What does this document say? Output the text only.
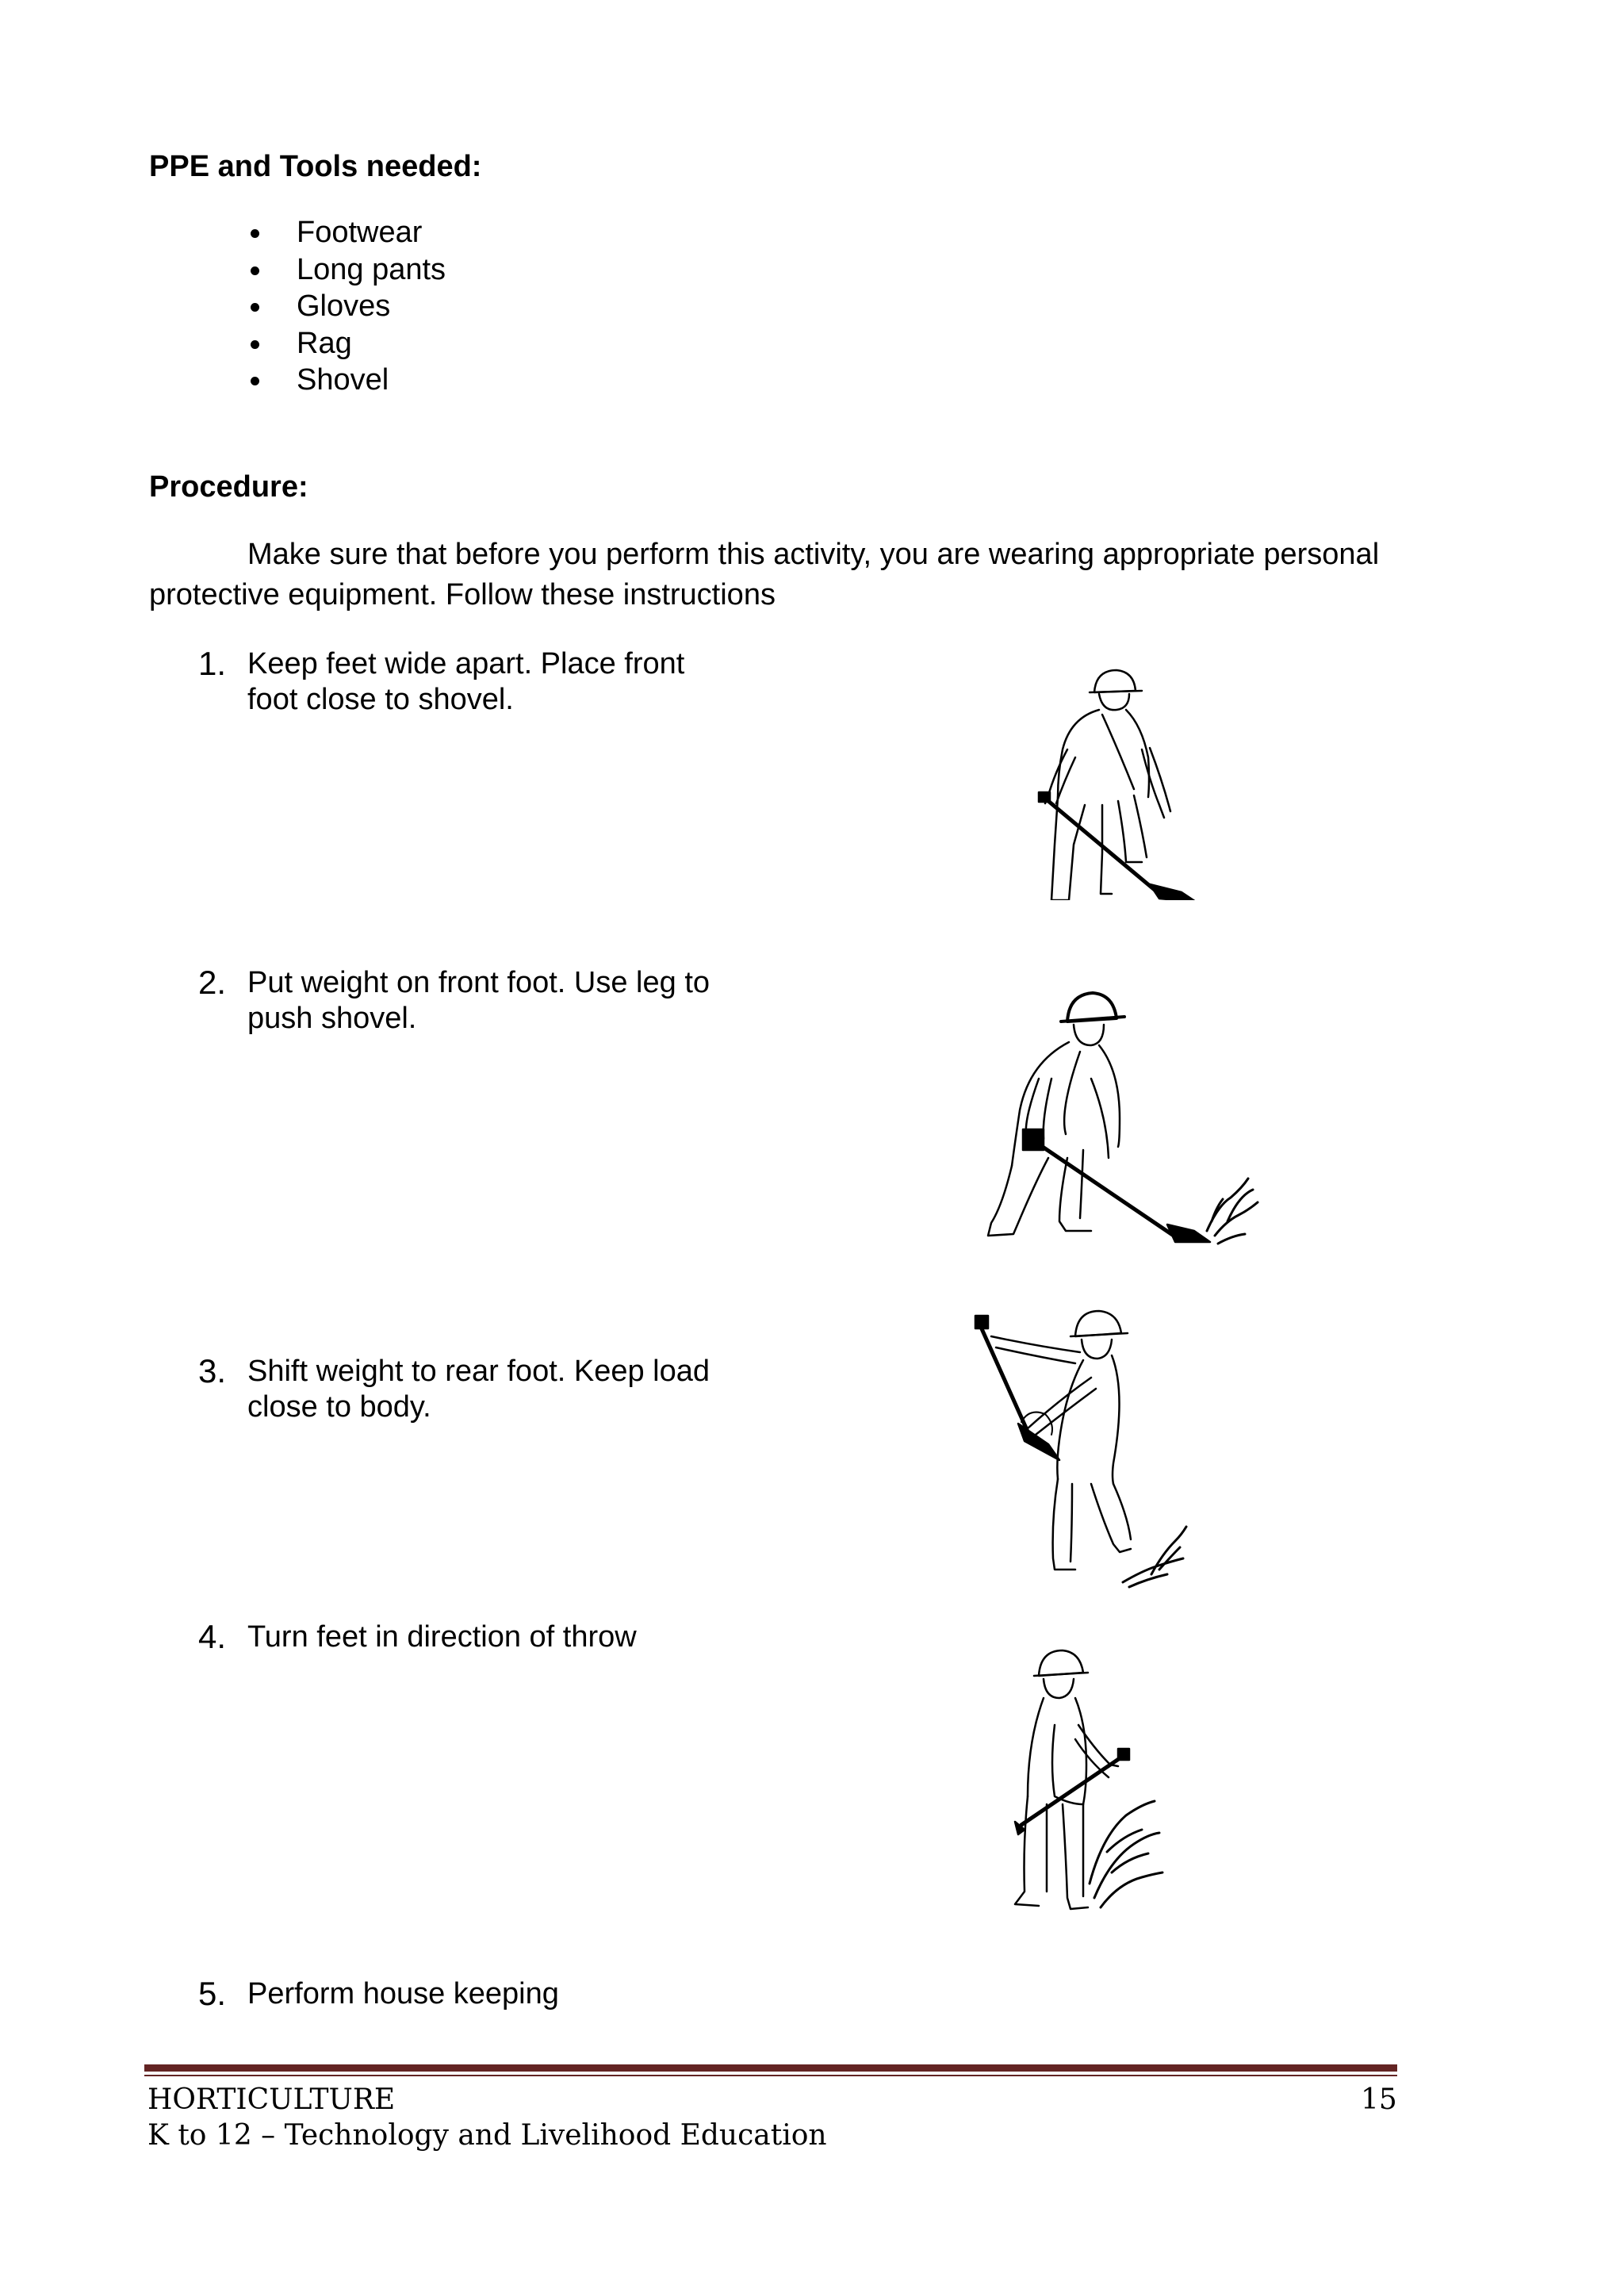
PPE and Tools needed:
Footwear
Long pants
Gloves
Rag
Shovel
Procedure:
Make sure that before you perform this activity, you are wearing appropriate personal
protective equipment. Follow these instructions
1. Keep feet wide apart. Place front
foot close to shovel.
2. Put weight on front foot. Use leg to
push shovel.
3. Shift weight to rear foot. Keep load
close to body.
4. Turn feet in direction of throw
5. Perform house keeping
HORTICULTURE	15
K to 12 – Technology and Livelihood Education
